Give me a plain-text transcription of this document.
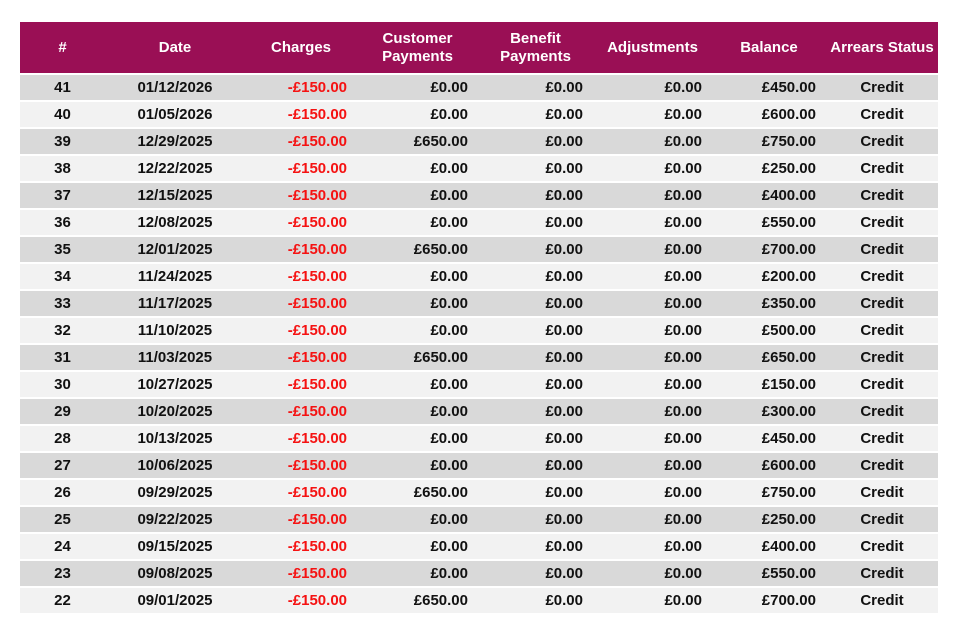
#	Date	Charges	Customer Payments	Benefit Payments	Adjustments	Balance	Arrears Status
41	01/12/2026	-£150.00	£0.00	£0.00	£0.00	£450.00	Credit
40	01/05/2026	-£150.00	£0.00	£0.00	£0.00	£600.00	Credit
39	12/29/2025	-£150.00	£650.00	£0.00	£0.00	£750.00	Credit
38	12/22/2025	-£150.00	£0.00	£0.00	£0.00	£250.00	Credit
37	12/15/2025	-£150.00	£0.00	£0.00	£0.00	£400.00	Credit
36	12/08/2025	-£150.00	£0.00	£0.00	£0.00	£550.00	Credit
35	12/01/2025	-£150.00	£650.00	£0.00	£0.00	£700.00	Credit
34	11/24/2025	-£150.00	£0.00	£0.00	£0.00	£200.00	Credit
33	11/17/2025	-£150.00	£0.00	£0.00	£0.00	£350.00	Credit
32	11/10/2025	-£150.00	£0.00	£0.00	£0.00	£500.00	Credit
31	11/03/2025	-£150.00	£650.00	£0.00	£0.00	£650.00	Credit
30	10/27/2025	-£150.00	£0.00	£0.00	£0.00	£150.00	Credit
29	10/20/2025	-£150.00	£0.00	£0.00	£0.00	£300.00	Credit
28	10/13/2025	-£150.00	£0.00	£0.00	£0.00	£450.00	Credit
27	10/06/2025	-£150.00	£0.00	£0.00	£0.00	£600.00	Credit
26	09/29/2025	-£150.00	£650.00	£0.00	£0.00	£750.00	Credit
25	09/22/2025	-£150.00	£0.00	£0.00	£0.00	£250.00	Credit
24	09/15/2025	-£150.00	£0.00	£0.00	£0.00	£400.00	Credit
23	09/08/2025	-£150.00	£0.00	£0.00	£0.00	£550.00	Credit
22	09/01/2025	-£150.00	£650.00	£0.00	£0.00	£700.00	Credit
